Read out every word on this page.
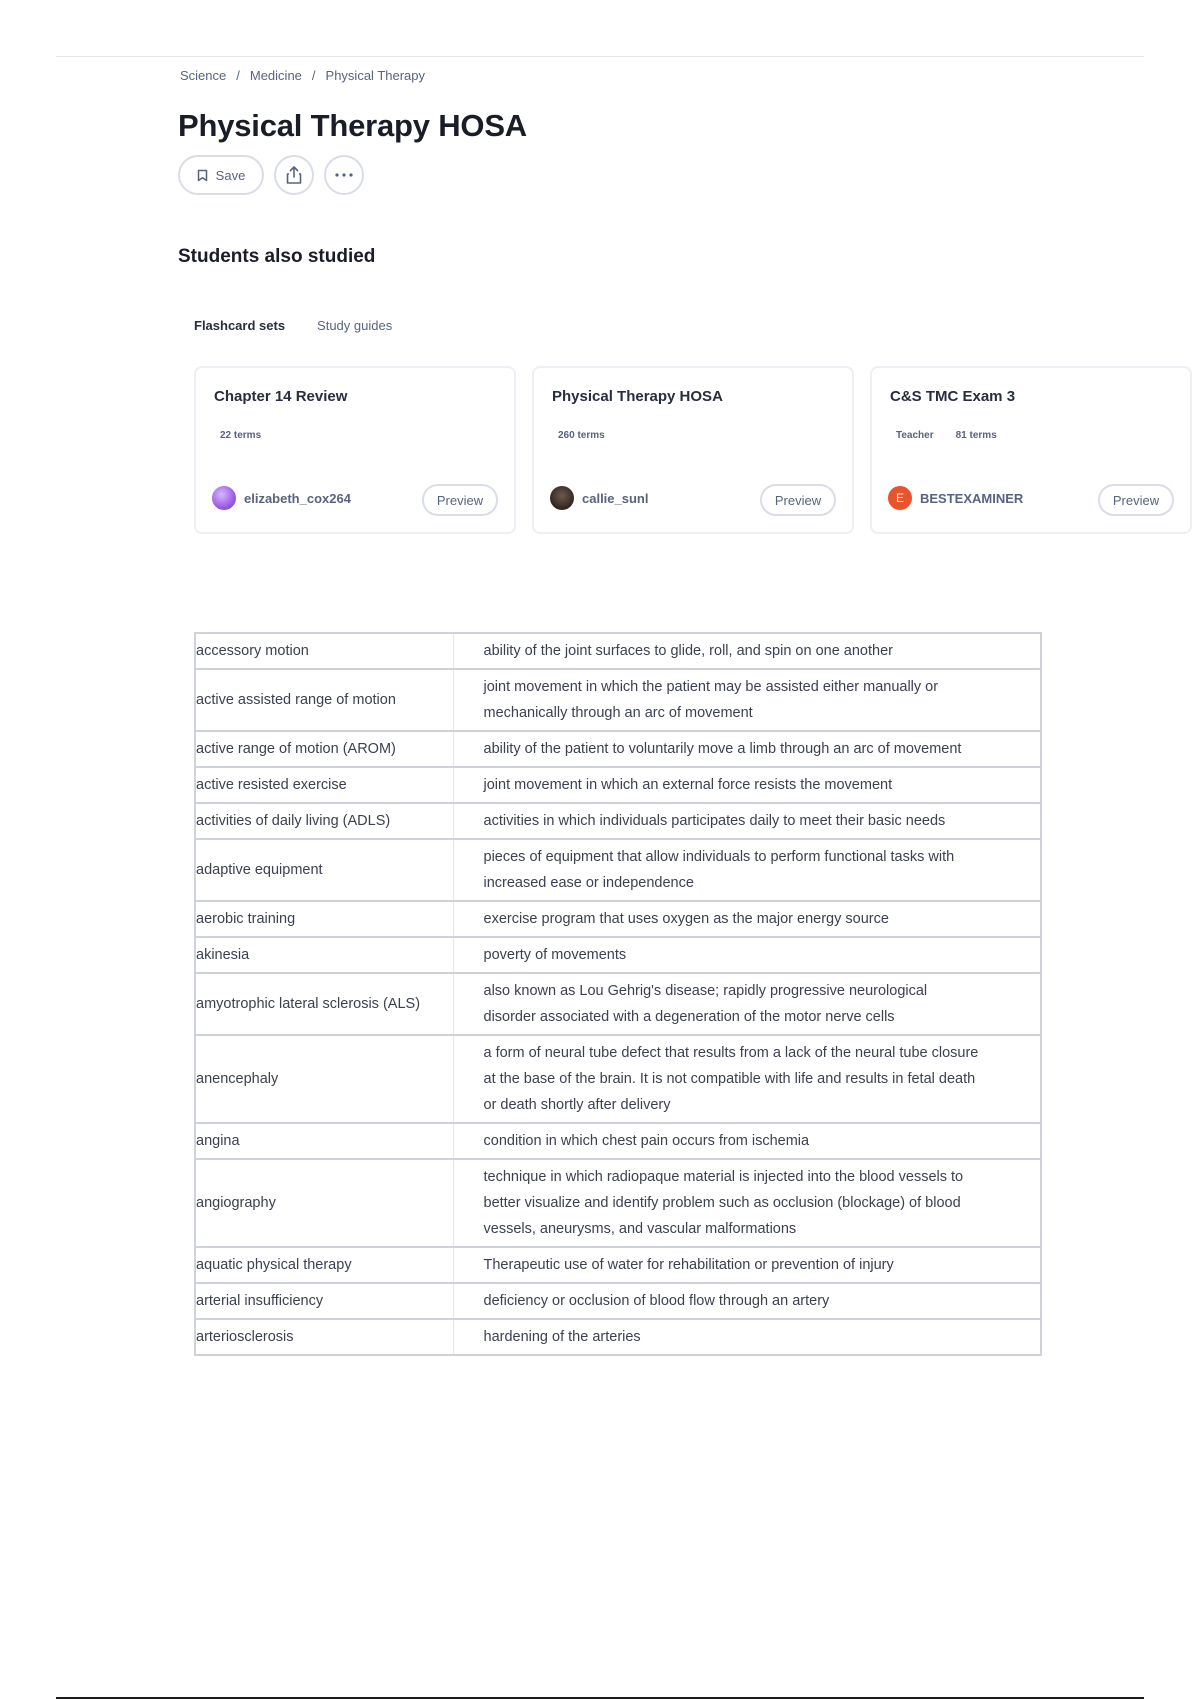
Science / Medicine / Physical Therapy
Physical Therapy HOSA
Save
Students also studied
Flashcard sets Study guides
Chapter 14 Review
22 terms
elizabeth_cox264	Preview
Physical Therapy HOSA
260 terms
callie_sunl	Preview
C&S TMC Exam 3
Teacher 81 terms
E	BESTEXAMINER	Preview
accessory motion	ability of the joint surfaces to glide, roll, and spin on one another
active assisted range of motion	joint movement in which the patient may be assisted either manually or mechanically through an arc of movement
active range of motion (AROM)	ability of the patient to voluntarily move a limb through an arc of movement
active resisted exercise	joint movement in which an external force resists the movement
activities of daily living (ADLS)	activities in which individuals participates daily to meet their basic needs
adaptive equipment	pieces of equipment that allow individuals to perform functional tasks with increased ease or independence
aerobic training	exercise program that uses oxygen as the major energy source
akinesia	poverty of movements
amyotrophic lateral sclerosis (ALS)	also known as Lou Gehrig's disease; rapidly progressive neurological disorder associated with a degeneration of the motor nerve cells
anencephaly	a form of neural tube defect that results from a lack of the neural tube closure at the base of the brain. It is not compatible with life and results in fetal death or death shortly after delivery
angina	condition in which chest pain occurs from ischemia
angiography	technique in which radiopaque material is injected into the blood vessels to better visualize and identify problem such as occlusion (blockage) of blood vessels, aneurysms, and vascular malformations
aquatic physical therapy	Therapeutic use of water for rehabilitation or prevention of injury
arterial insufficiency	deficiency or occlusion of blood flow through an artery
arteriosclerosis	hardening of the arteries
